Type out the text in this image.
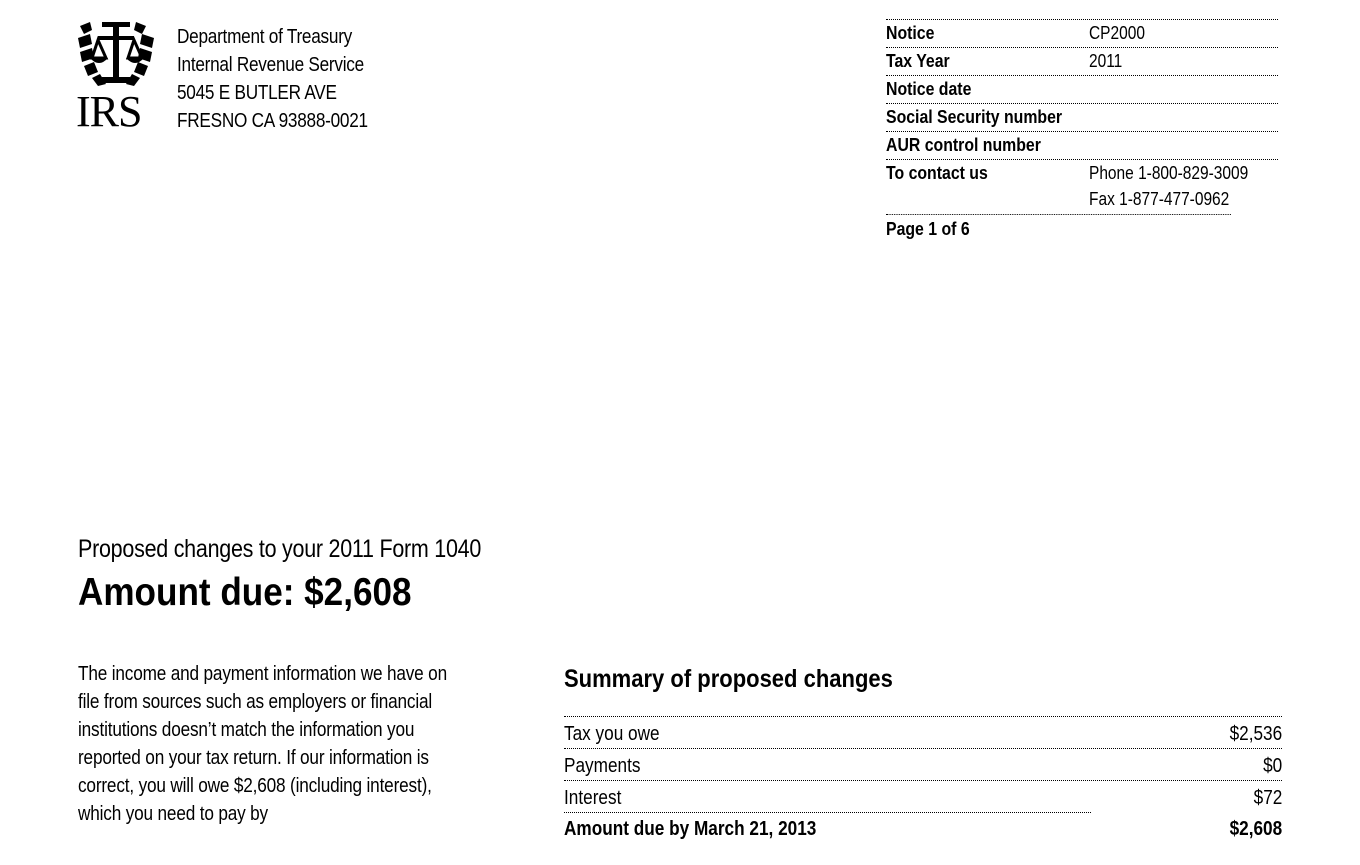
IRS
Department of Treasury
Internal Revenue Service
5045 E BUTLER AVE
FRESNO CA 93888-0021
Notice	CP2000
Tax Year	2011
Notice date
Social Security number
AUR control number
To contact us	Phone 1-800-829-3009
Fax 1-877-477-0962
Page 1 of 6
Proposed changes to your 2011 Form 1040
Amount due: $2,608
The income and payment information we have on
file from sources such as employers or financial
institutions doesn’t match the information you
reported on your tax return. If our information is
correct, you will owe $2,608 (including interest),
which you need to pay by
Summary of proposed changes
Tax you owe	$2,536
Payments	$0
Interest	$72
Amount due by March 21, 2013	$2,608
